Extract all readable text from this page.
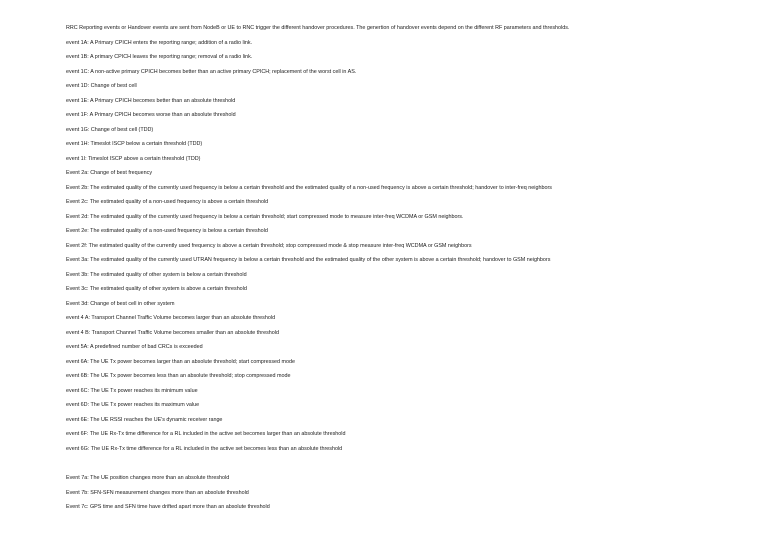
RRC Reporting events or Handover events are sent from NodeB or UE to RNC trigger the different handover procedures. The genertion of handover events depend on the different RF parameters and thresholds.
event 1A: A Primary CPICH enters the reporting range; addition of a radio link.
event 1B: A primary CPICH leaves the reporting range; removal of a radio link.
event 1C: A non-active primary CPICH becomes better than an active primary CPICH; replacement of the worst cell in AS.
event 1D: Change of best cell
event 1E: A Primary CPICH becomes better than an absolute threshold
event 1F: A Primary CPICH becomes worse than an absolute threshold
event 1G: Change of best cell (TDD)
event 1H: Timeslot ISCP below a certain threshold (TDD)
event 1I: Timeslot ISCP above a certain threshold (TDD)
Event 2a: Change of best frequency
Event 2b: The estimated quality of the currently used frequency is below a certain threshold and the estimated quality of a non-used frequency is above a certain threshold; handover to inter-freq neighbors
Event 2c: The estimated quality of a non-used frequency is above a certain threshold
Event 2d: The estimated quality of the currently used frequency is below a certain threshold; start compressed mode to measure inter-freq WCDMA or GSM neighbors.
Event 2e: The estimated quality of a non-used frequency is below a certain threshold
Event 2f: The estimated quality of the currently used frequency is above a certain threshold; stop compressed mode & stop measure inter-freq WCDMA or GSM neighbors
Event 3a: The estimated quality of the currently used UTRAN frequency is below a certain threshold and the estimated quality of the other system is above a certain threshold; handover to GSM neighbors
Event 3b: The estimated quality of other system is below a certain threshold
Event 3c: The estimated quality of other system is above a certain threshold
Event 3d: Change of best cell in other system
event 4 A: Transport Channel Traffic Volume becomes larger than an absolute threshold
event 4 B: Transport Channel Traffic Volume becomes smaller than an absolute threshold
event 5A: A predefined number of bad CRCs is exceeded
event 6A: The UE Tx power becomes larger than an absolute threshold; start compressed mode
event 6B: The UE Tx power becomes less than an absolute threshold; stop compressed mode
event 6C: The UE Tx power reaches its minimum value
event 6D: The UE Tx power reaches its maximum value
event 6E: The UE RSSI reaches the UE's dynamic receiver range
event 6F: The UE Rx-Tx time difference for a RL included in the active set becomes larger than an absolute threshold
event 6G: The UE Rx-Tx time difference for a RL included in the active set becomes less than an absolute threshold
Event 7a: The UE position changes more than an absolute threshold
Event 7b: SFN-SFN measurement changes more than an absolute threshold
Event 7c: GPS time and SFN time have drifted apart more than an absolute threshold
